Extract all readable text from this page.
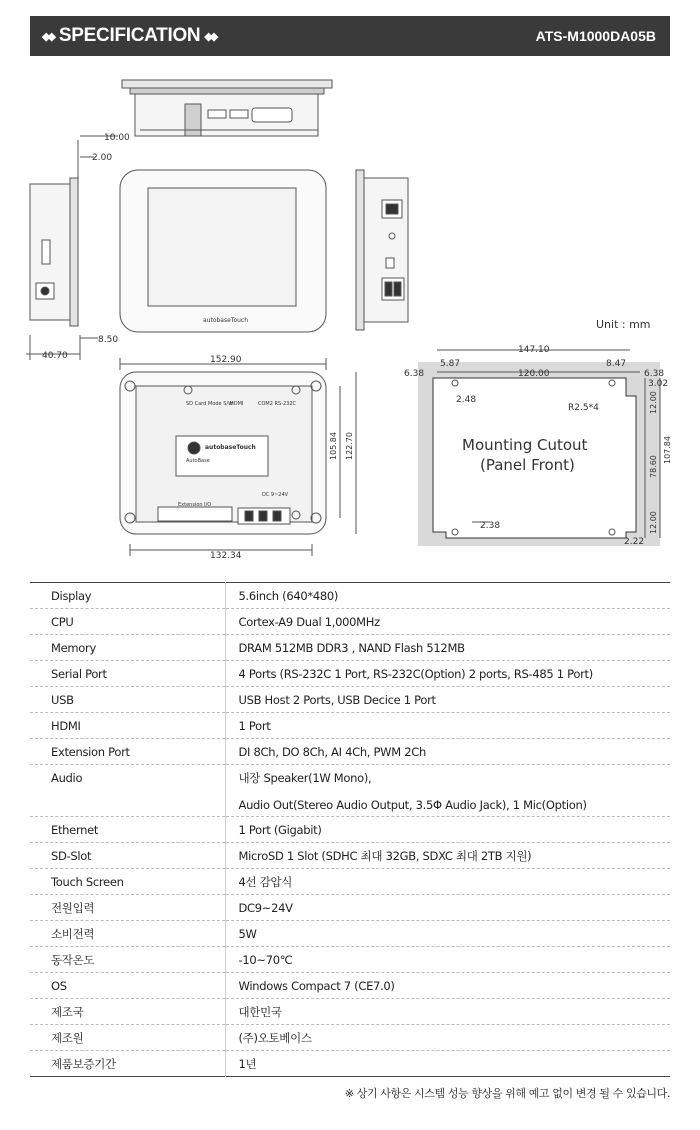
◆◆ SPECIFICATION ◆◆	ATS-M1000DA05B
10.00
2.00
8.50
40.70	152.90
105.84 122.70
132.34
autobaseTouch
SD Card Mode S/W
HDMI	COM2 RS-232C
autobaseTouch
AutoBase
Extension I/O
DC 9~24V
Unit : mm
147.10
5.87	8.47
6.38	120.00	6.38
3.02
2.48
R2.5*4	12.00
107.84
78.60
12.00
2.38
2.22
Mounting Cutout
(Panel Front)
Display	5.6inch (640*480)
CPU	Cortex-A9 Dual 1,000MHz
Memory	DRAM 512MB DDR3 , NAND Flash 512MB
Serial Port	4 Ports (RS-232C 1 Port, RS-232C(Option) 2 ports, RS-485 1 Port)
USB	USB Host 2 Ports, USB Decice 1 Port
HDMI	1 Port
Extension Port	DI 8Ch, DO 8Ch, AI 4Ch, PWM 2Ch
Audio	내장 Speaker(1W Mono),
Audio Out(Stereo Audio Output, 3.5Φ Audio Jack), 1 Mic(Option)

Ethernet	1 Port (Gigabit)
SD-Slot	MicroSD 1 Slot (SDHC 최대 32GB, SDXC 최대 2TB 지원)
Touch Screen	4선 감압식
전원입력	DC9~24V
소비전력	5W
동작온도	-10~70℃
OS	Windows Compact 7 (CE7.0)
제조국	대한민국
제조원	(주)오토베이스
제품보증기간	1년
※ 상기 사항은 시스템 성능 향상을 위해 예고 없이 변경 될 수 있습니다.
